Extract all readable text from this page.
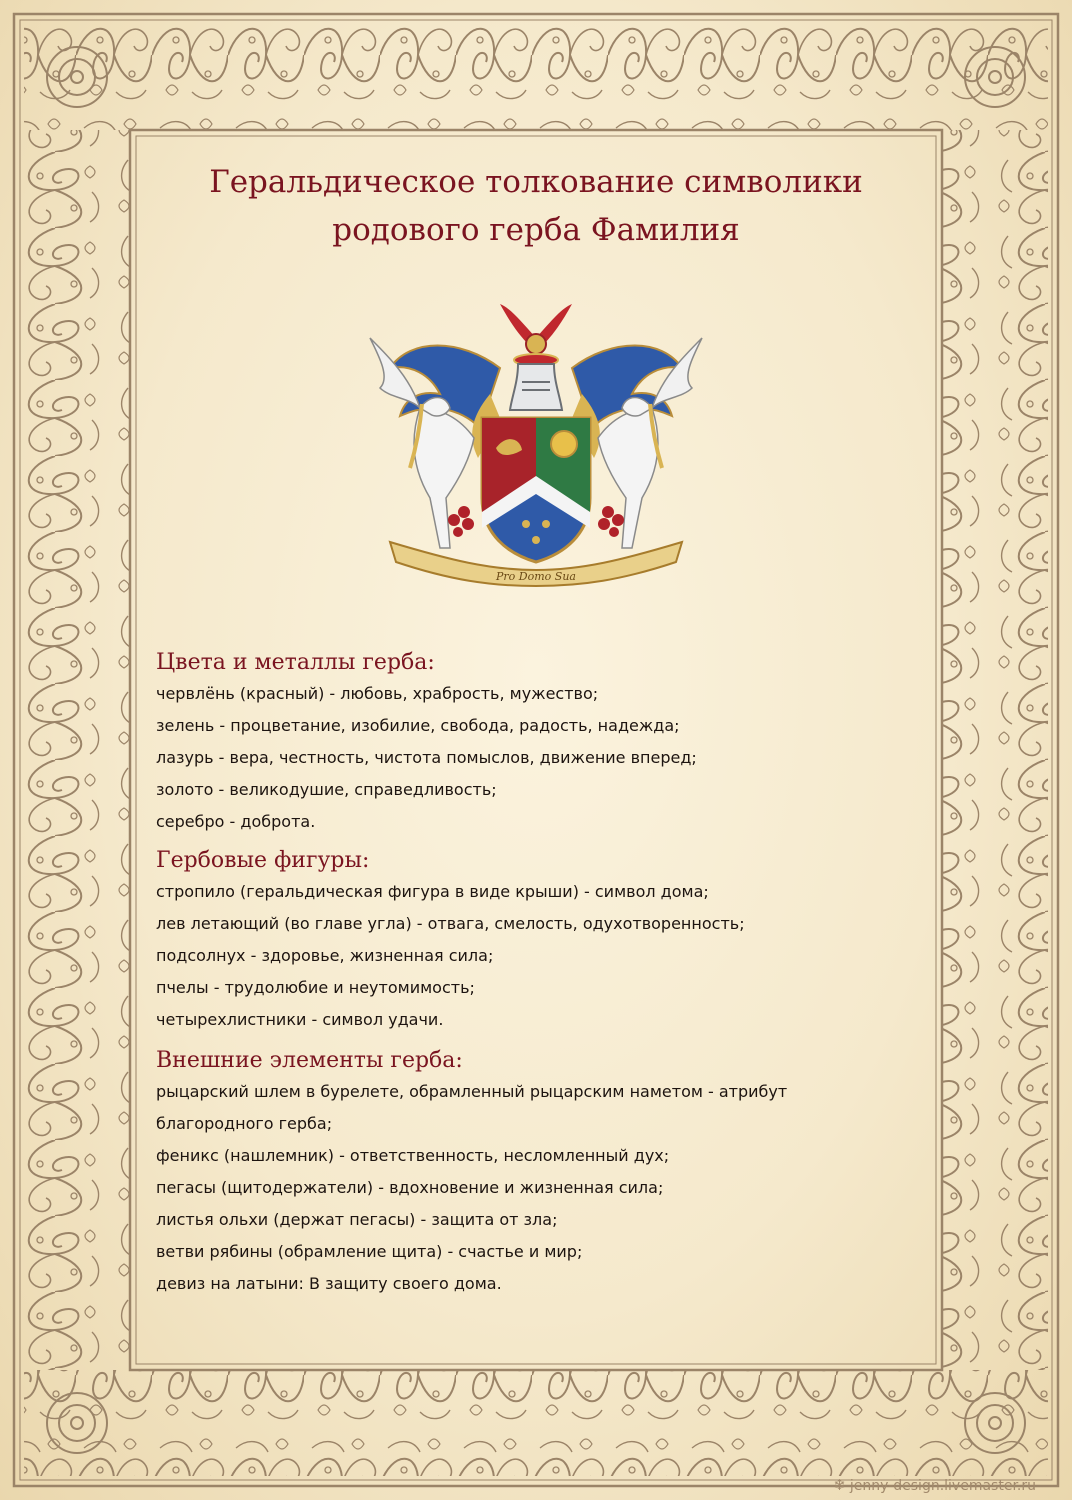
Геральдическое толкование символики
родового герба Фамилия
Pro Domo Sua
Цвета и металлы герба:
червлёнь (красный) - любовь, храбрость, мужество;
зелень - процветание, изобилие, свобода, радость, надежда;
лазурь - вера, честность, чистота помыслов, движение вперед;
золото - великодушие, справедливость;
серебро - доброта.
Гербовые фигуры:
стропило (геральдическая фигура в виде крыши) - символ дома;
лев летающий (во главе угла) - отвага, смелость, одухотворенность;
подсолнух - здоровье, жизненная сила;
пчелы - трудолюбие и неутомимость;
четырехлистники - символ удачи.
Внешние элементы герба:
рыцарский шлем в бурелете, обрамленный рыцарским наметом - атрибут
благородного герба;
феникс (нашлемник) - ответственность, несломленный дух;
пегасы (щитодержатели) - вдохновение и жизненная сила;
листья ольхи (держат пегасы) - защита от зла;
ветви рябины (обрамление щита) - счастье и мир;
девиз на латыни: В защиту своего дома.
❄ jenny-design.livemaster.ru
